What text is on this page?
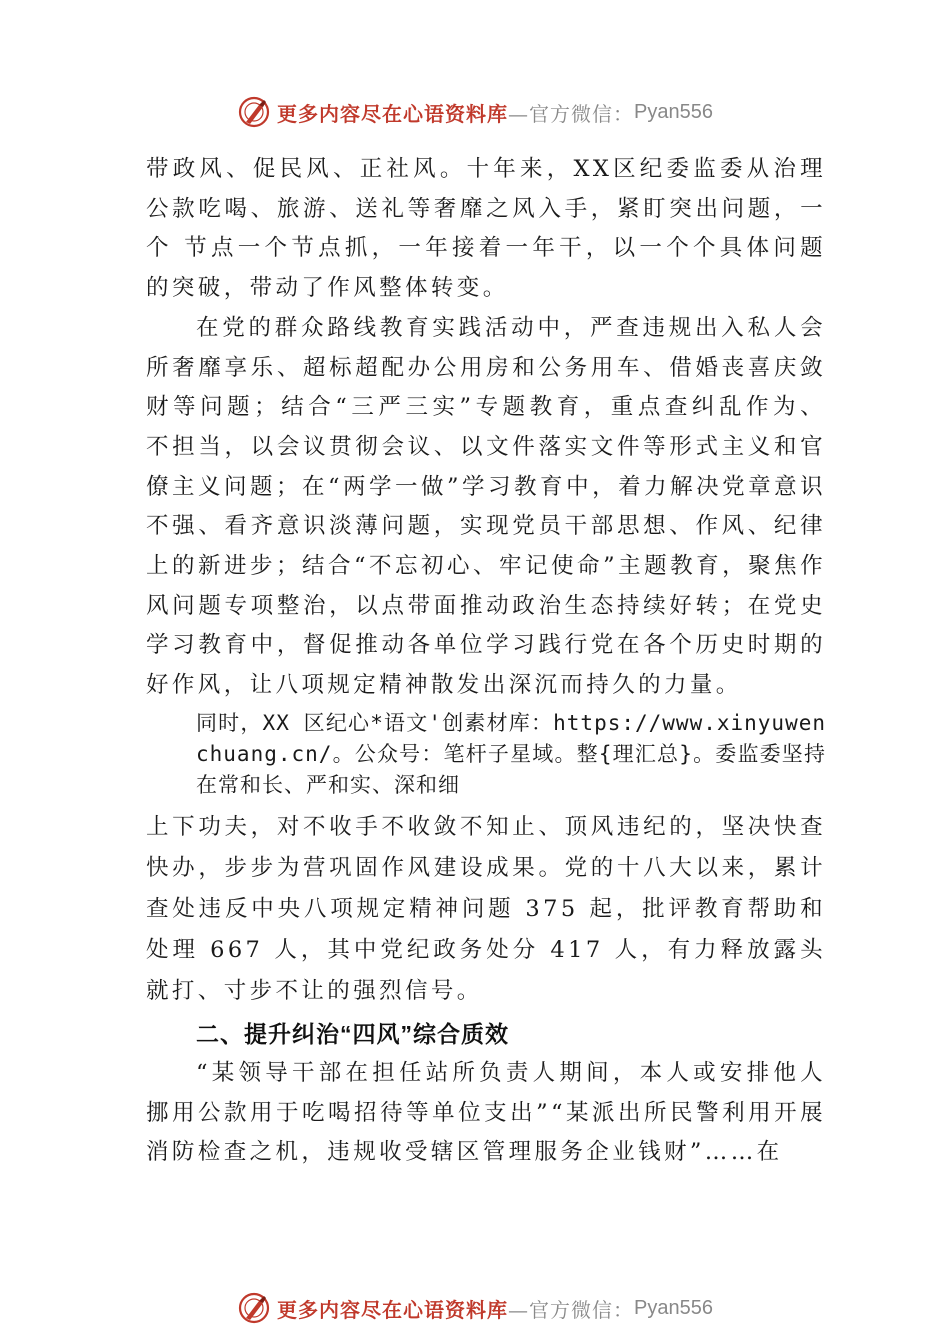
更多内容尽在心语资料库 —官方微信： Pyan556

带政风、促民风、正社风。十年来，XX区纪委监委从治理公款吃喝、旅游、送礼等奢靡之风入手，紧盯突出问题，一个 节点一个节点抓，一年接着一年干，以一个个具体问题的突破，带动了作风整体转变。

在党的群众路线教育实践活动中，严查违规出入私人会所奢靡享乐、超标超配办公用房和公务用车、借婚丧喜庆敛财等问题；结合“三严三实”专题教育，重点查纠乱作为、 不担当，以会议贯彻会议、以文件落实文件等形式主义和官僚主义问题；在“两学一做”学习教育中，着力解决党章意识不强、看齐意识淡薄问题，实现党员干部思想、作风、纪律上的新进步；结合“不忘初心、牢记使命”主题教育，聚焦作风问题专项整治，以点带面推动政治生态持续好转；在党史学习教育中，督促推动各单位学习践行党在各个历史时期的好作风，让八项规定精神散发出深沉而持久的力量。

同时，XX 区纪心*语文'创素材库：https://www.xinyuwenchuang.cn/。公众号：笔杆子星域。整{理汇总}。委监委坚持在常和长、严和实、深和细

上下功夫，对不收手不收敛不知止、顶风违纪的，坚决快查快办，步步为营巩固作风建设成果。党的十八大以来，累计查处违反中央八项规定精神问题 375 起，批评教育帮助和处理 667 人，其中党纪政务处分 417 人，有力释放露头就打、寸步不让的强烈信号。

二、提升纠治“四风”综合质效

“某领导干部在担任站所负责人期间，本人或安排他人挪用公款用于吃喝招待等单位支出”“某派出所民警利用开展消防检查之机，违规收受辖区管理服务企业钱财”……在

更多内容尽在心语资料库 —官方微信： Pyan556
